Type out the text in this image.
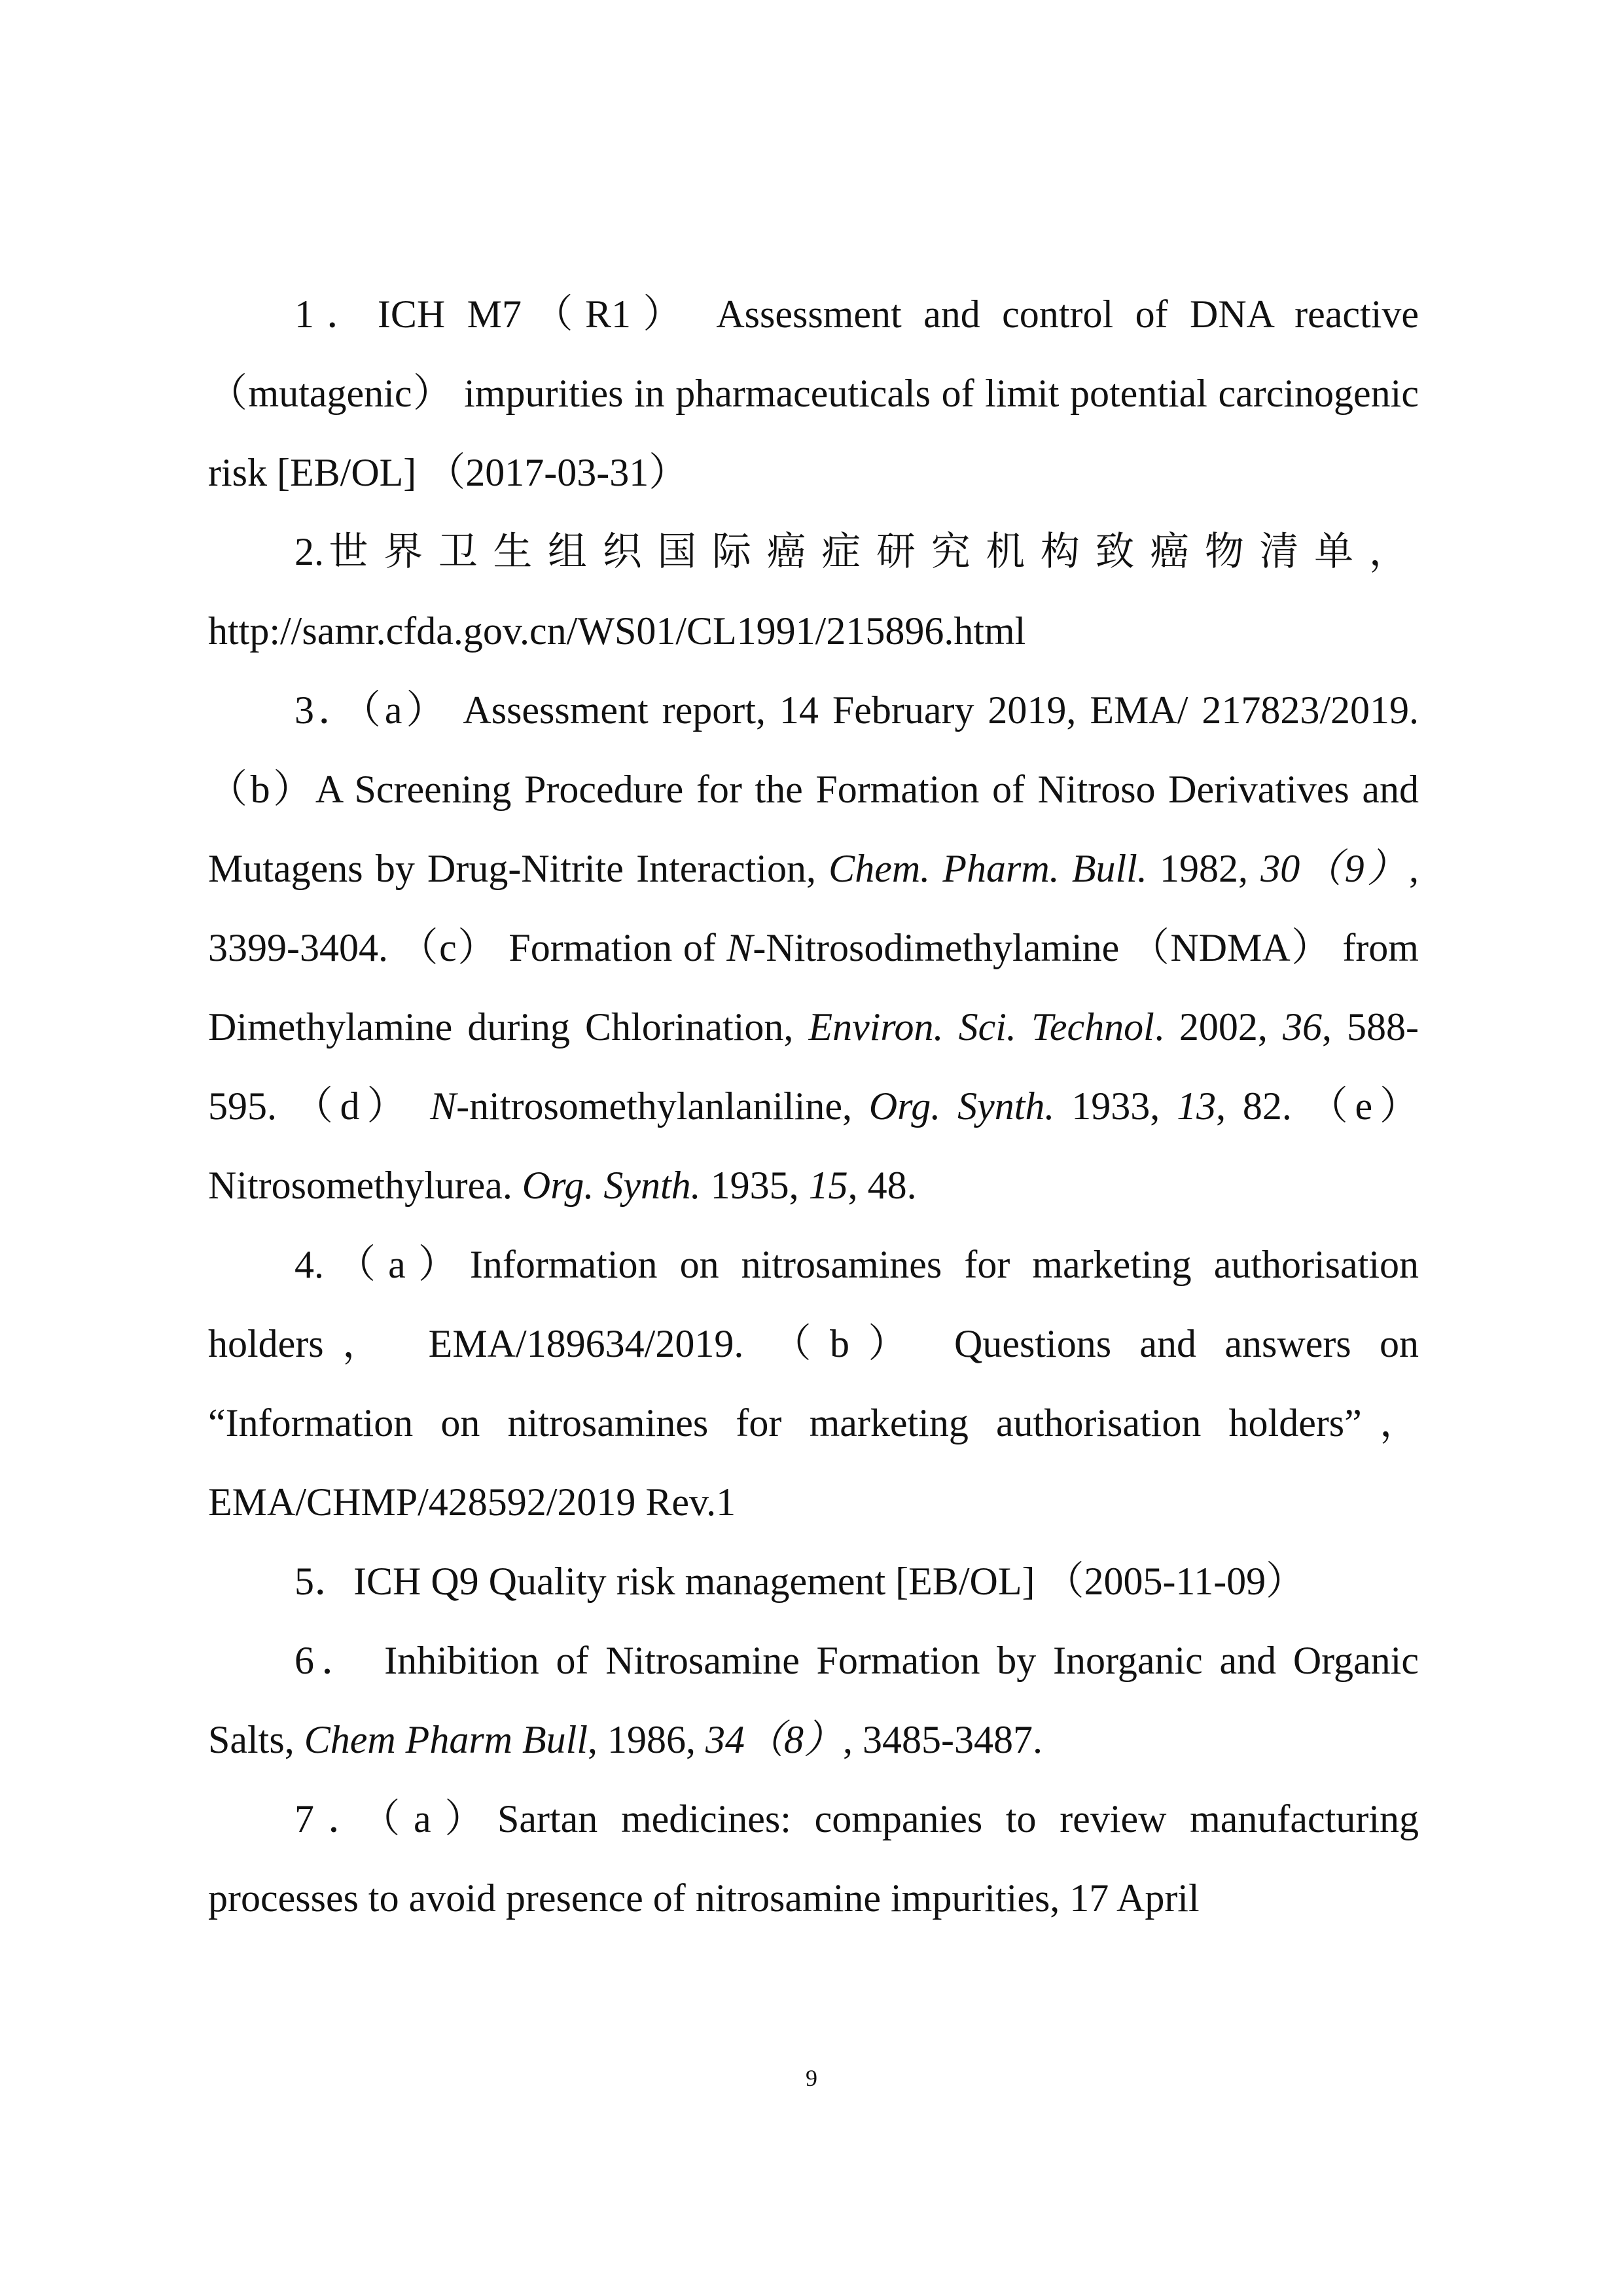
1．ICH M7（R1） Assessment and control of DNA reactive （mutagenic） impurities in pharmaceuticals of limit potential carcinogenic risk [EB/OL] （2017-03-31）

2.世界卫生组织国际癌症研究机构致癌物清单， http://samr.cfda.gov.cn/WS01/CL1991/215896.html

3．（a） Assessment report, 14 February 2019, EMA/ 217823/2019. （b）A Screening Procedure for the Formation of Nitroso Derivatives and Mutagens by Drug-Nitrite Interaction, Chem. Pharm. Bull. 1982, 30（9）, 3399-3404. （c） Formation of N-Nitrosodimethylamine （NDMA） from Dimethylamine during Chlorination, Environ. Sci. Technol. 2002, 36, 588-595. （d） N-nitrosomethylanlaniline, Org. Synth. 1933, 13, 82. （e） Nitrosomethylurea. Org. Synth. 1935, 15, 48.

4.（a）Information on nitrosamines for marketing authorisation holders， EMA/189634/2019. （b） Questions and answers on “Information on nitrosamines for marketing authorisation holders”， EMA/CHMP/428592/2019 Rev.1

5．ICH Q9 Quality risk management [EB/OL] （2005-11-09）

6． Inhibition of Nitrosamine Formation by Inorganic and Organic Salts, Chem Pharm Bull, 1986, 34（8）, 3485-3487.

7．（a）Sartan medicines: companies to review manufacturing processes to avoid presence of nitrosamine impurities, 17 April

9
